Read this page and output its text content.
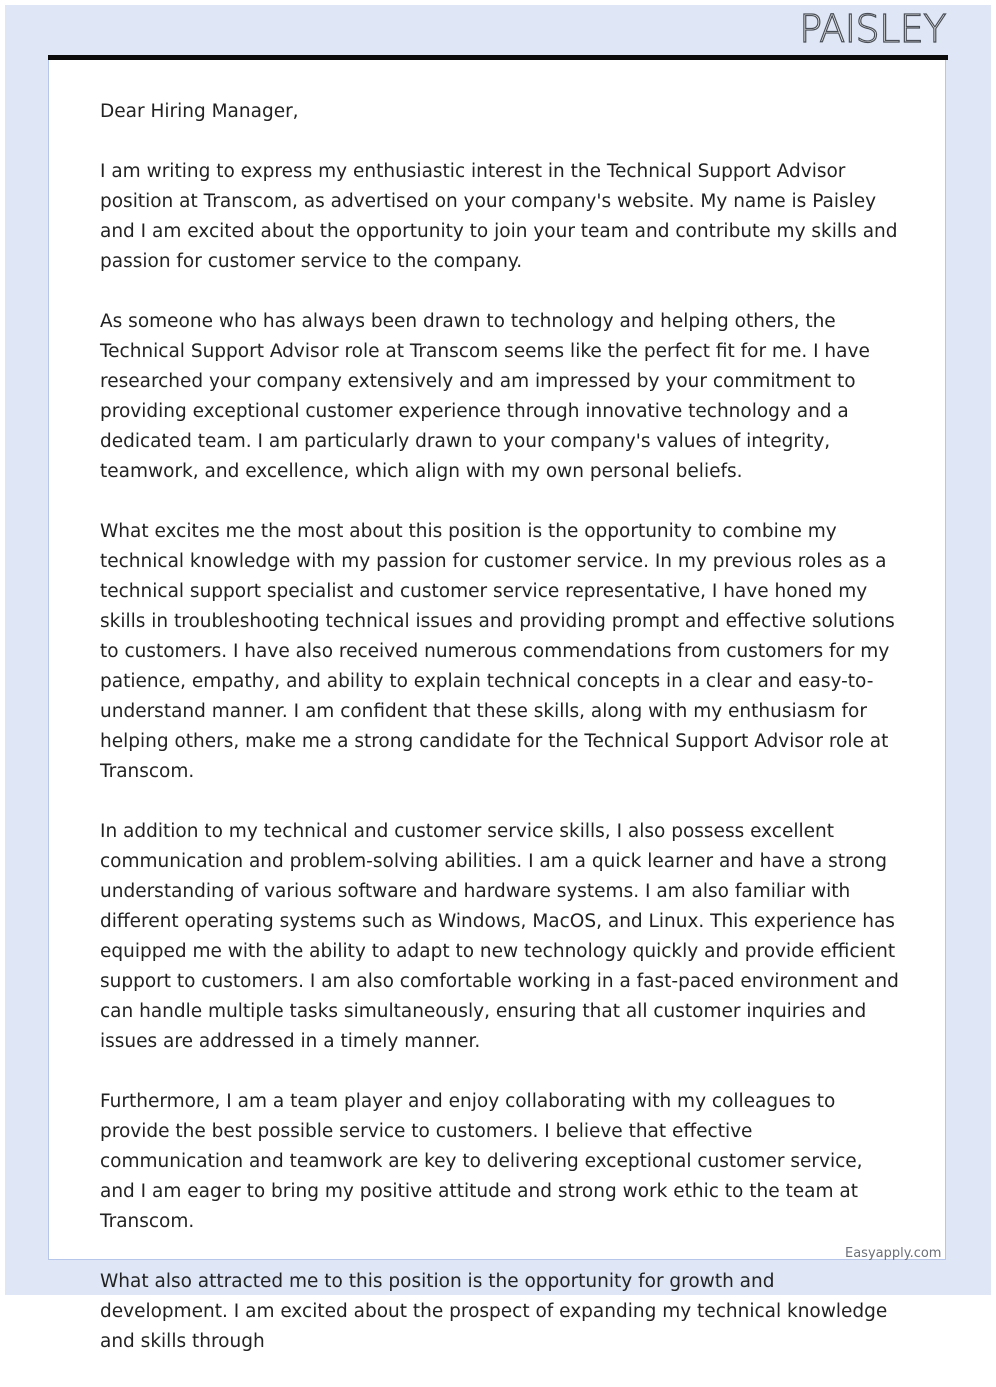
PAISLEY

Dear Hiring Manager,

I am writing to express my enthusiastic interest in the Technical Support Advisor position at Transcom, as advertised on your company's website. My name is Paisley and I am excited about the opportunity to join your team and contribute my skills and passion for customer service to the company.

As someone who has always been drawn to technology and helping others, the Technical Support Advisor role at Transcom seems like the perfect fit for me. I have researched your company extensively and am impressed by your commitment to providing exceptional customer experience through innovative technology and a dedicated team. I am particularly drawn to your company's values of integrity, teamwork, and excellence, which align with my own personal beliefs.

What excites me the most about this position is the opportunity to combine my technical knowledge with my passion for customer service. In my previous roles as a technical support specialist and customer service representative, I have honed my skills in troubleshooting technical issues and providing prompt and effective solutions to customers. I have also received numerous commendations from customers for my patience, empathy, and ability to explain technical concepts in a clear and easy-to-understand manner. I am confident that these skills, along with my enthusiasm for helping others, make me a strong candidate for the Technical Support Advisor role at Transcom.

In addition to my technical and customer service skills, I also possess excellent communication and problem-solving abilities. I am a quick learner and have a strong understanding of various software and hardware systems. I am also familiar with different operating systems such as Windows, MacOS, and Linux. This experience has equipped me with the ability to adapt to new technology quickly and provide efficient support to customers. I am also comfortable working in a fast-paced environment and can handle multiple tasks simultaneously, ensuring that all customer inquiries and issues are addressed in a timely manner.

Furthermore, I am a team player and enjoy collaborating with my colleagues to provide the best possible service to customers. I believe that effective communication and teamwork are key to delivering exceptional customer service, and I am eager to bring my positive attitude and strong work ethic to the team at Transcom.

What also attracted me to this position is the opportunity for growth and development. I am excited about the prospect of expanding my technical knowledge and skills through

Easyapply.com
